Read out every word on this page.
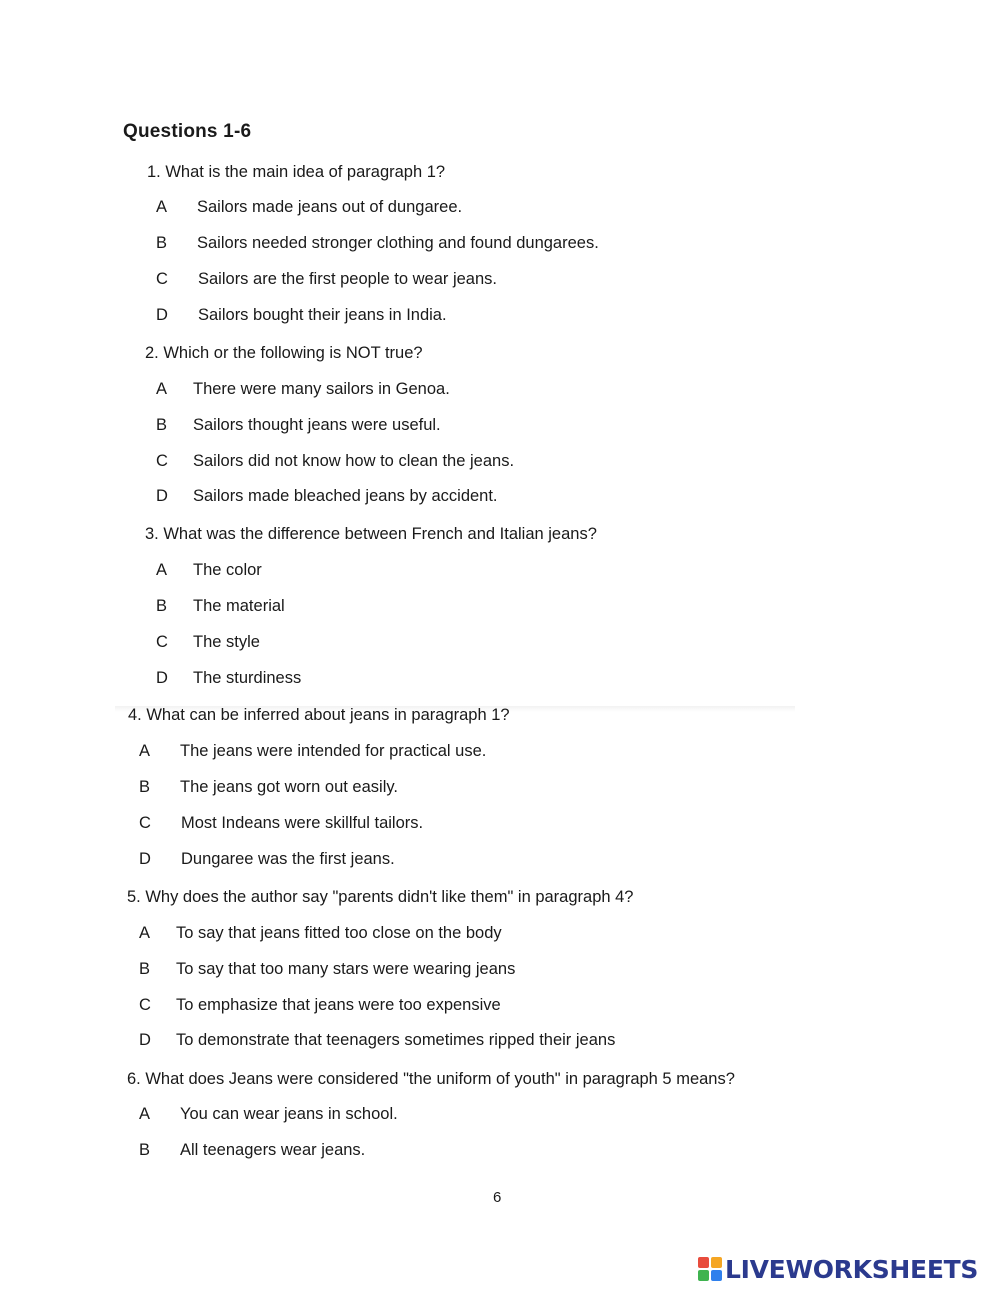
Questions 1-6
1. What is the main idea of paragraph 1?
A Sailors made jeans out of dungaree.
B Sailors needed stronger clothing and found dungarees.
C Sailors are the first people to wear jeans.
D Sailors bought their jeans in India.
2. Which or the following is NOT true?
A There were many sailors in Genoa.
B Sailors thought jeans were useful.
C Sailors did not know how to clean the jeans.
D Sailors made bleached jeans by accident.
3. What was the difference between French and Italian jeans?
A The color
B The material
C The style
D The sturdiness
4. What can be inferred about jeans in paragraph 1?
A The jeans were intended for practical use.
B The jeans got worn out easily.
C Most Indeans were skillful tailors.
D Dungaree was the first jeans.
5. Why does the author say "parents didn't like them" in paragraph 4?
A To say that jeans fitted too close on the body
B To say that too many stars were wearing jeans
C To emphasize that jeans were too expensive
D To demonstrate that teenagers sometimes ripped their jeans
6. What does Jeans were considered "the uniform of youth" in paragraph 5 means?
A You can wear jeans in school.
B All teenagers wear jeans.
6
LIVEWORKSHEETS
